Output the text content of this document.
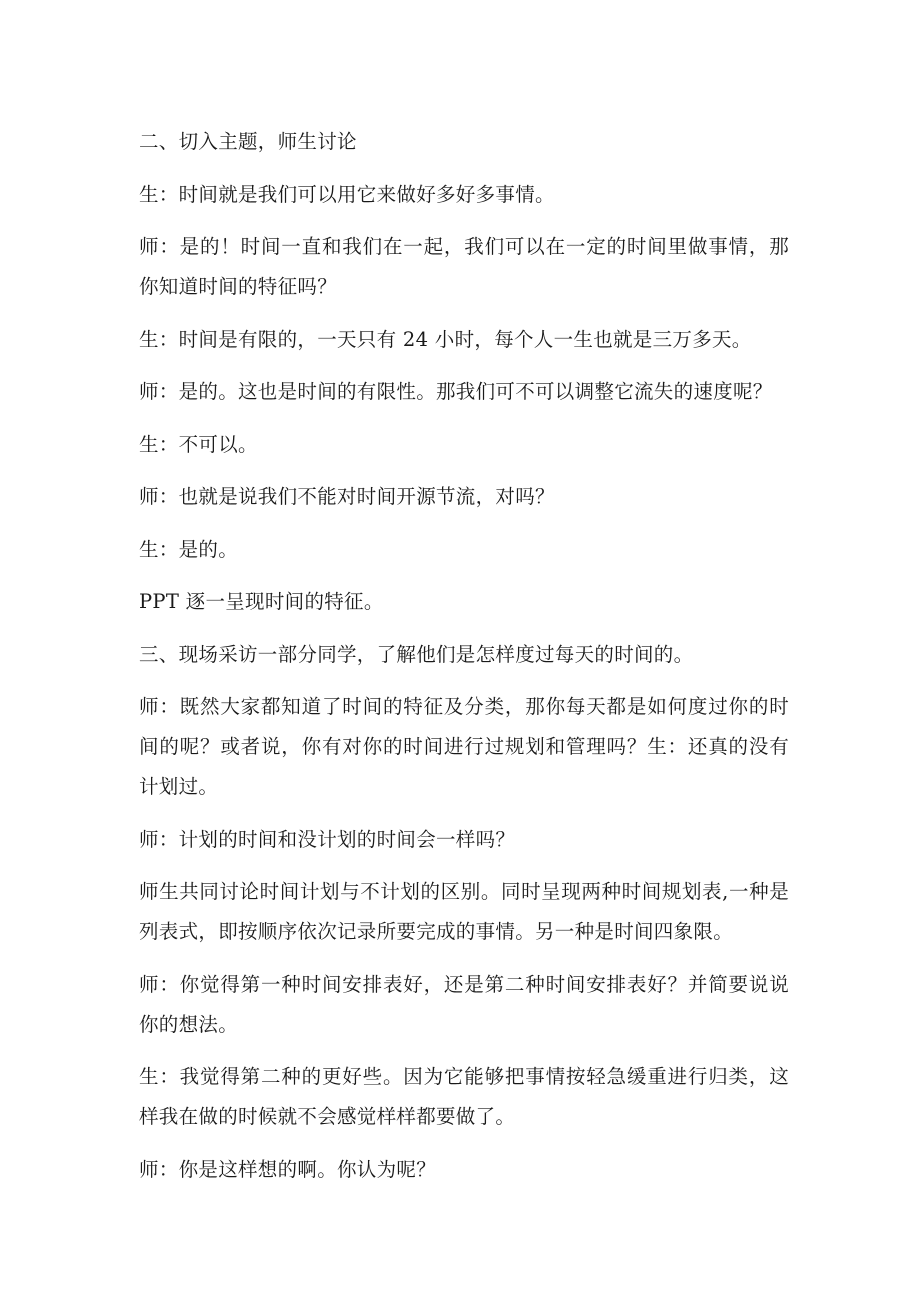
二、切入主题，师生讨论

生：时间就是我们可以用它来做好多好多事情。

师：是的！时间一直和我们在一起，我们可以在一定的时间里做事情，那你知道时间的特征吗？

生：时间是有限的，一天只有 24 小时，每个人一生也就是三万多天。

师：是的。这也是时间的有限性。那我们可不可以调整它流失的速度呢？

生：不可以。

师：也就是说我们不能对时间开源节流，对吗？

生：是的。

PPT 逐一呈现时间的特征。

三、现场采访一部分同学，了解他们是怎样度过每天的时间的。

师：既然大家都知道了时间的特征及分类，那你每天都是如何度过你的时间的呢？或者说，你有对你的时间进行过规划和管理吗？生：还真的没有计划过。

师：计划的时间和没计划的时间会一样吗？

师生共同讨论时间计划与不计划的区别。同时呈现两种时间规划表,一种是列表式，即按顺序依次记录所要完成的事情。另一种是时间四象限。

师：你觉得第一种时间安排表好，还是第二种时间安排表好？并简要说说你的想法。

生：我觉得第二种的更好些。因为它能够把事情按轻急缓重进行归类，这样我在做的时候就不会感觉样样都要做了。

师：你是这样想的啊。你认为呢？
